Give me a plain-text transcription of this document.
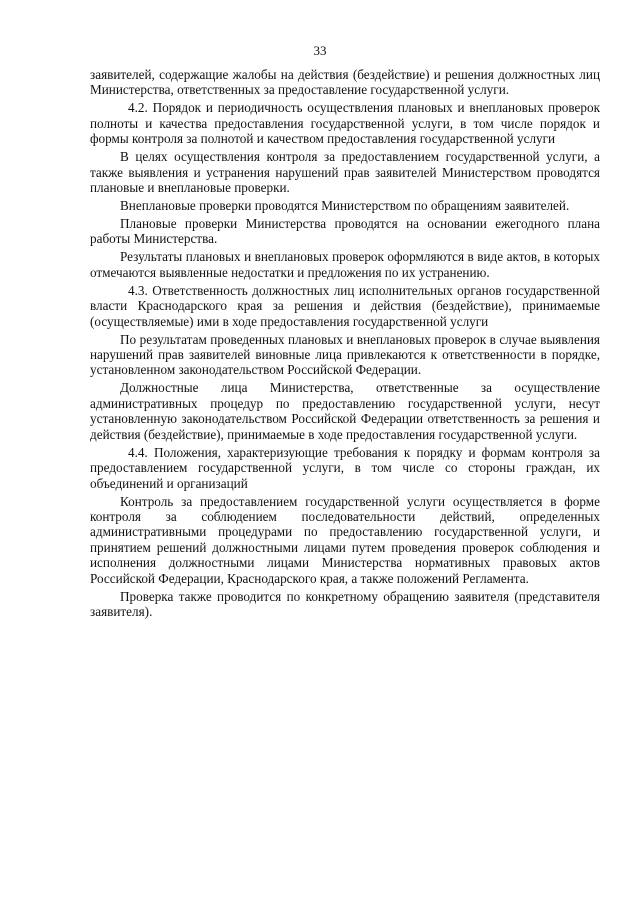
33

заявителей, содержащие жалобы на действия (бездействие) и решения должностных лиц Министерства, ответственных за предоставление государственной услуги.

4.2. Порядок и периодичность осуществления плановых и внеплановых проверок полноты и качества предоставления государственной услуги, в том числе порядок и формы контроля за полнотой и качеством предоставления государственной услуги

В целях осуществления контроля за предоставлением государственной услуги, а также выявления и устранения нарушений прав заявителей Министерством проводятся плановые и внеплановые проверки.

Внеплановые проверки проводятся Министерством по обращениям заявителей.

Плановые проверки Министерства проводятся на основании ежегодного плана работы Министерства.

Результаты плановых и внеплановых проверок оформляются в виде актов, в которых отмечаются выявленные недостатки и предложения по их устранению.

4.3. Ответственность должностных лиц исполнительных органов государственной власти Краснодарского края за решения и действия (бездействие), принимаемые (осуществляемые) ими в ходе предоставления государственной услуги

По результатам проведенных плановых и внеплановых проверок в случае выявления нарушений прав заявителей виновные лица привлекаются к ответственности в порядке, установленном законодательством Российской Федерации.

Должностные лица Министерства, ответственные за осуществление административных процедур по предоставлению государственной услуги, несут установленную законодательством Российской Федерации ответственность за решения и действия (бездействие), принимаемые в ходе предоставления государственной услуги.

4.4. Положения, характеризующие требования к порядку и формам контроля за предоставлением государственной услуги, в том числе со стороны граждан, их объединений и организаций

Контроль за предоставлением государственной услуги осуществляется в форме контроля за соблюдением последовательности действий, определенных административными процедурами по предоставлению государственной услуги, и принятием решений должностными лицами путем проведения проверок соблюдения и исполнения должностными лицами Министерства нормативных правовых актов Российской Федерации, Краснодарского края, а также положений Регламента.

Проверка также проводится по конкретному обращению заявителя (представителя заявителя).
